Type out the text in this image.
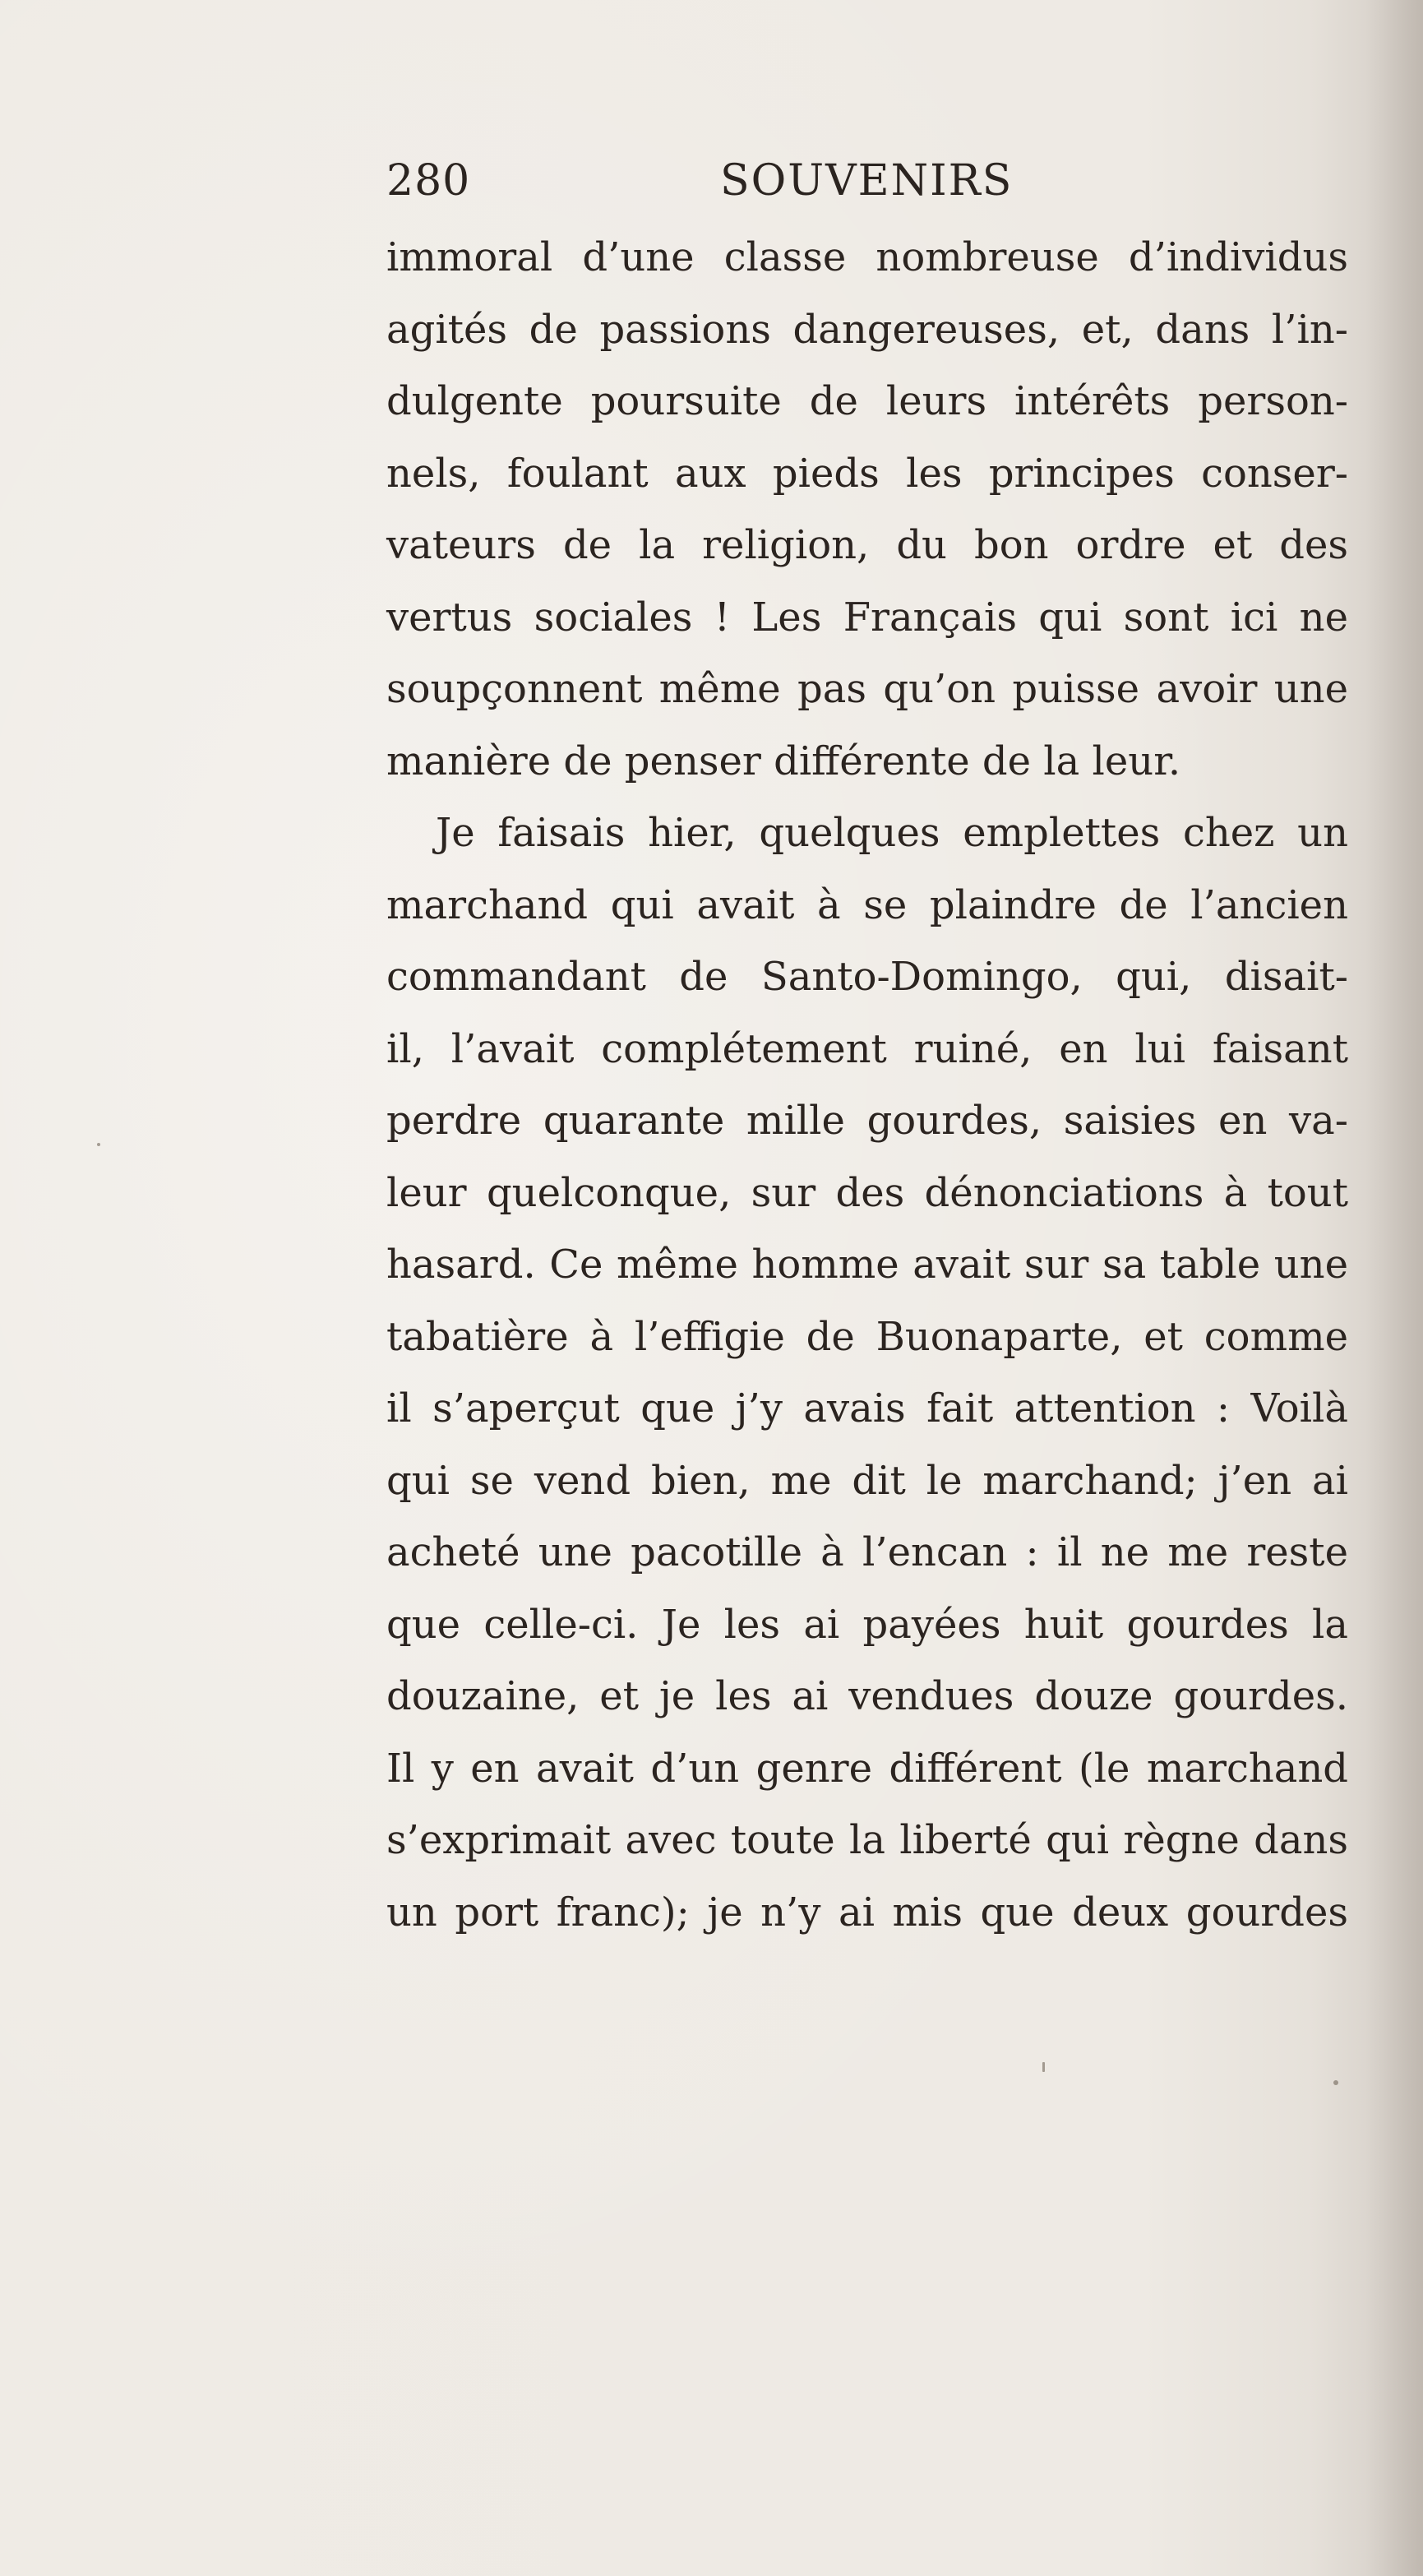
280	SOUVENIRS
immoral d’une classe nombreuse d’individus
agités de passions dangereuses, et, dans l’in-
dulgente poursuite de leurs intérêts person-
nels, foulant aux pieds les principes conser-
vateurs de la religion, du bon ordre et des
vertus sociales ! Les Français qui sont ici ne
soupçonnent même pas qu’on puisse avoir une
manière de penser différente de la leur.
Je faisais hier, quelques emplettes chez un
marchand qui avait à se plaindre de l’ancien
commandant de Santo-Domingo, qui, disait-
il, l’avait complétement ruiné, en lui faisant
perdre quarante mille gourdes, saisies en va-
leur quelconque, sur des dénonciations à tout
hasard. Ce même homme avait sur sa table une
tabatière à l’effigie de Buonaparte, et comme
il s’aperçut que j’y avais fait attention : Voilà
qui se vend bien, me dit le marchand; j’en ai
acheté une pacotille à l’encan : il ne me reste
que celle-ci. Je les ai payées huit gourdes la
douzaine, et je les ai vendues douze gourdes.
Il y en avait d’un genre différent (le marchand
s’exprimait avec toute la liberté qui règne dans
un port franc); je n’y ai mis que deux gourdes
